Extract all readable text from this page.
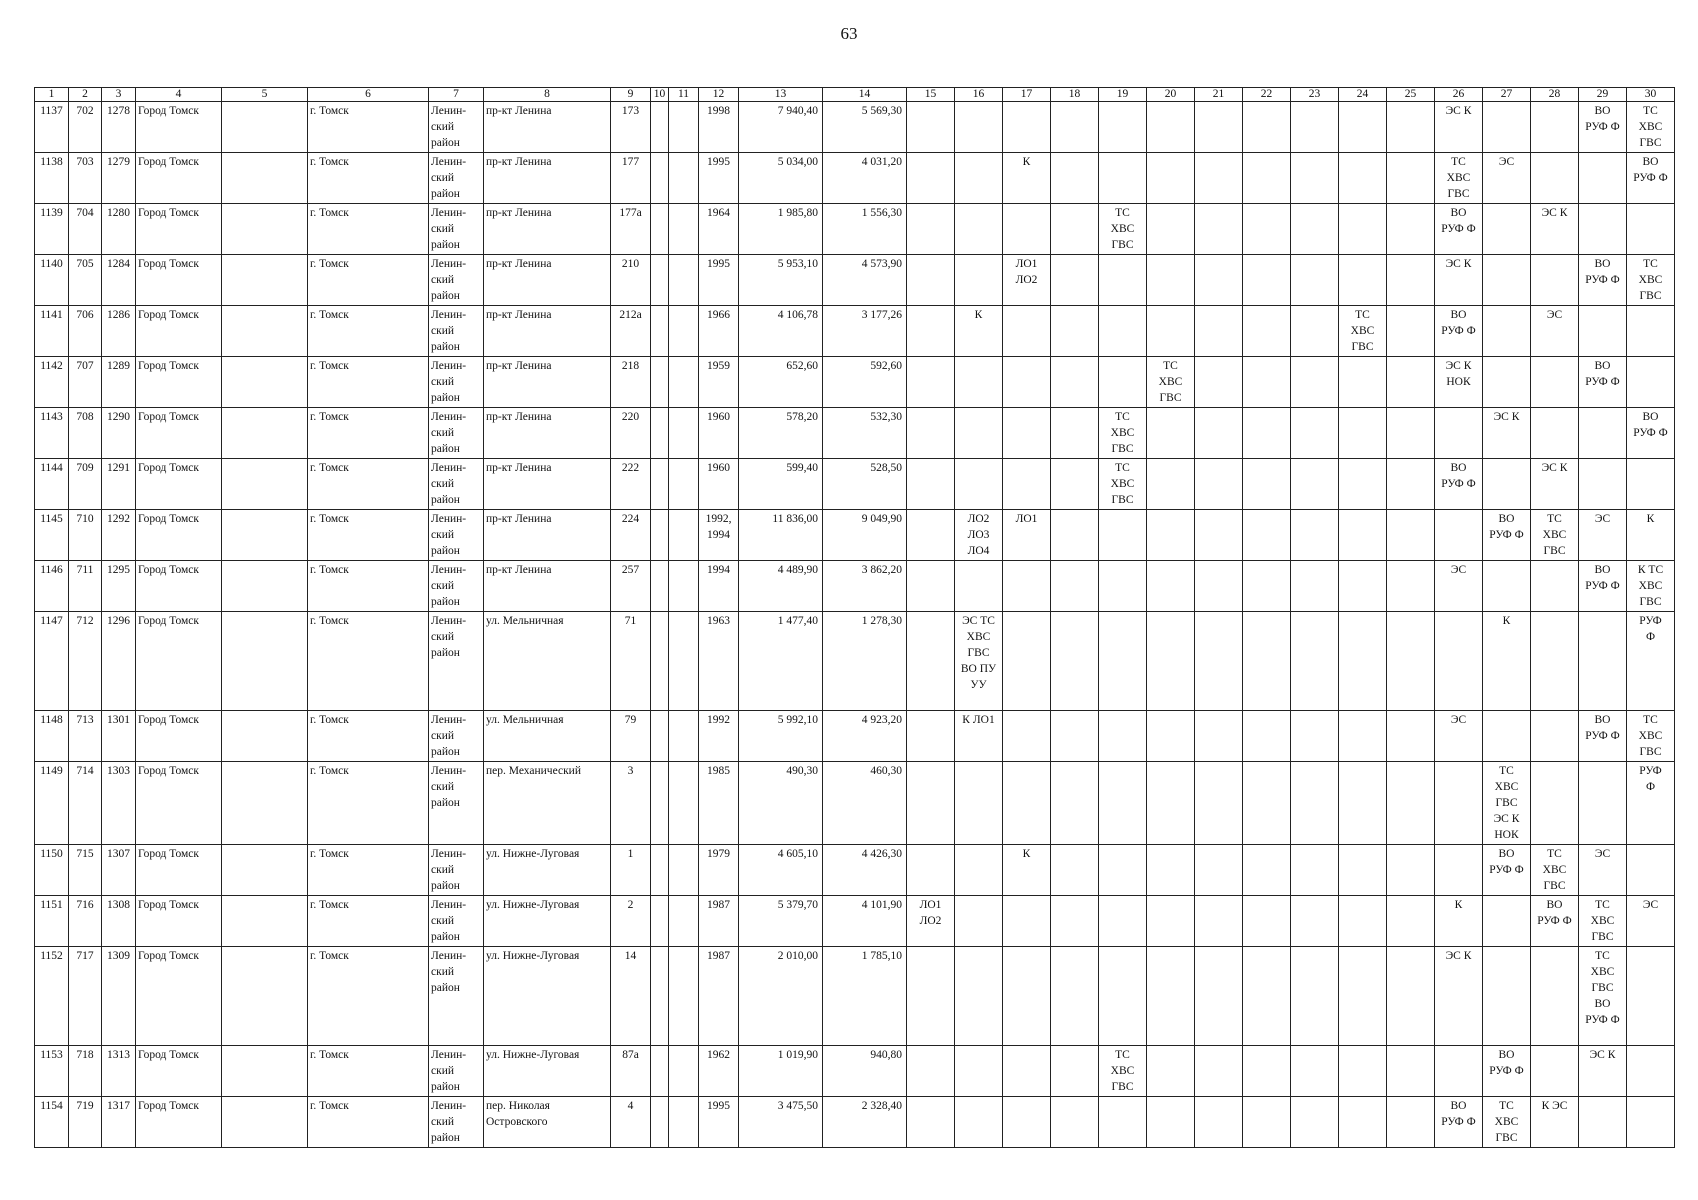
63
1	2	3	4	5	6	7	8	9	10	11	12	13	14	15	16	17	18	19	20	21	22	23	24	25	26	27	28	29	30
1137	702	1278	Город Томск		г. Томск	Ленин-
ский
район	пр-кт Ленина	173			1998	7 940,40	5 569,30												ЭС К			ВО
РУФ Ф	ТС
ХВС
ГВС
1138	703	1279	Город Томск		г. Томск	Ленин-
ский
район	пр-кт Ленина	177			1995	5 034,00	4 031,20			К									ТС
ХВС
ГВС	ЭС			ВО
РУФ Ф
1139	704	1280	Город Томск		г. Томск	Ленин-
ский
район	пр-кт Ленина	177а			1964	1 985,80	1 556,30					ТС
ХВС
ГВС							ВО
РУФ Ф		ЭС К		
1140	705	1284	Город Томск		г. Томск	Ленин-
ский
район	пр-кт Ленина	210			1995	5 953,10	4 573,90			ЛО1
ЛО2									ЭС К			ВО
РУФ Ф	ТС
ХВС
ГВС
1141	706	1286	Город Томск		г. Томск	Ленин-
ский
район	пр-кт Ленина	212а			1966	4 106,78	3 177,26		К								ТС
ХВС
ГВС		ВО
РУФ Ф		ЭС		
1142	707	1289	Город Томск		г. Томск	Ленин-
ский
район	пр-кт Ленина	218			1959	652,60	592,60						ТС
ХВС
ГВС						ЭС К
НОК			ВО
РУФ Ф	
1143	708	1290	Город Томск		г. Томск	Ленин-
ский
район	пр-кт Ленина	220			1960	578,20	532,30					ТС
ХВС
ГВС								ЭС К			ВО
РУФ Ф
1144	709	1291	Город Томск		г. Томск	Ленин-
ский
район	пр-кт Ленина	222			1960	599,40	528,50					ТС
ХВС
ГВС							ВО
РУФ Ф		ЭС К		
1145	710	1292	Город Томск		г. Томск	Ленин-
ский
район	пр-кт Ленина	224			1992,
1994	11 836,00	9 049,90		ЛО2
ЛО3
ЛО4	ЛО1										ВО
РУФ Ф	ТС
ХВС
ГВС	ЭС	К
1146	711	1295	Город Томск		г. Томск	Ленин-
ский
район	пр-кт Ленина	257			1994	4 489,90	3 862,20												ЭС			ВО
РУФ Ф	К ТС
ХВС
ГВС
1147	712	1296	Город Томск		г. Томск	Ленин-
ский
район	ул. Мельничная	71			1963	1 477,40	1 278,30		ЭС ТС
ХВС
ГВС
ВО ПУ
УУ											К			РУФ
Ф
1148	713	1301	Город Томск		г. Томск	Ленин-
ский
район	ул. Мельничная	79			1992	5 992,10	4 923,20		К ЛО1										ЭС			ВО
РУФ Ф	ТС
ХВС
ГВС
1149	714	1303	Город Томск		г. Томск	Ленин-
ский
район	пер. Механический	3			1985	490,30	460,30													ТС
ХВС
ГВС
ЭС К
НОК			РУФ
Ф
1150	715	1307	Город Томск		г. Томск	Ленин-
ский
район	ул. Нижне-Луговая	1			1979	4 605,10	4 426,30			К										ВО
РУФ Ф	ТС
ХВС
ГВС	ЭС	
1151	716	1308	Город Томск		г. Томск	Ленин-
ский
район	ул. Нижне-Луговая	2			1987	5 379,70	4 101,90	ЛО1
ЛО2											К		ВО
РУФ Ф	ТС
ХВС
ГВС	ЭС
1152	717	1309	Город Томск		г. Томск	Ленин-
ский
район	ул. Нижне-Луговая	14			1987	2 010,00	1 785,10												ЭС К			ТС
ХВС
ГВС
ВО
РУФ Ф	
1153	718	1313	Город Томск		г. Томск	Ленин-
ский
район	ул. Нижне-Луговая	87а			1962	1 019,90	940,80					ТС
ХВС
ГВС								ВО
РУФ Ф		ЭС К	
1154	719	1317	Город Томск		г. Томск	Ленин-
ский
район	пер. Николая
Островского	4			1995	3 475,50	2 328,40												ВО
РУФ Ф	ТС
ХВС
ГВС	К ЭС		
